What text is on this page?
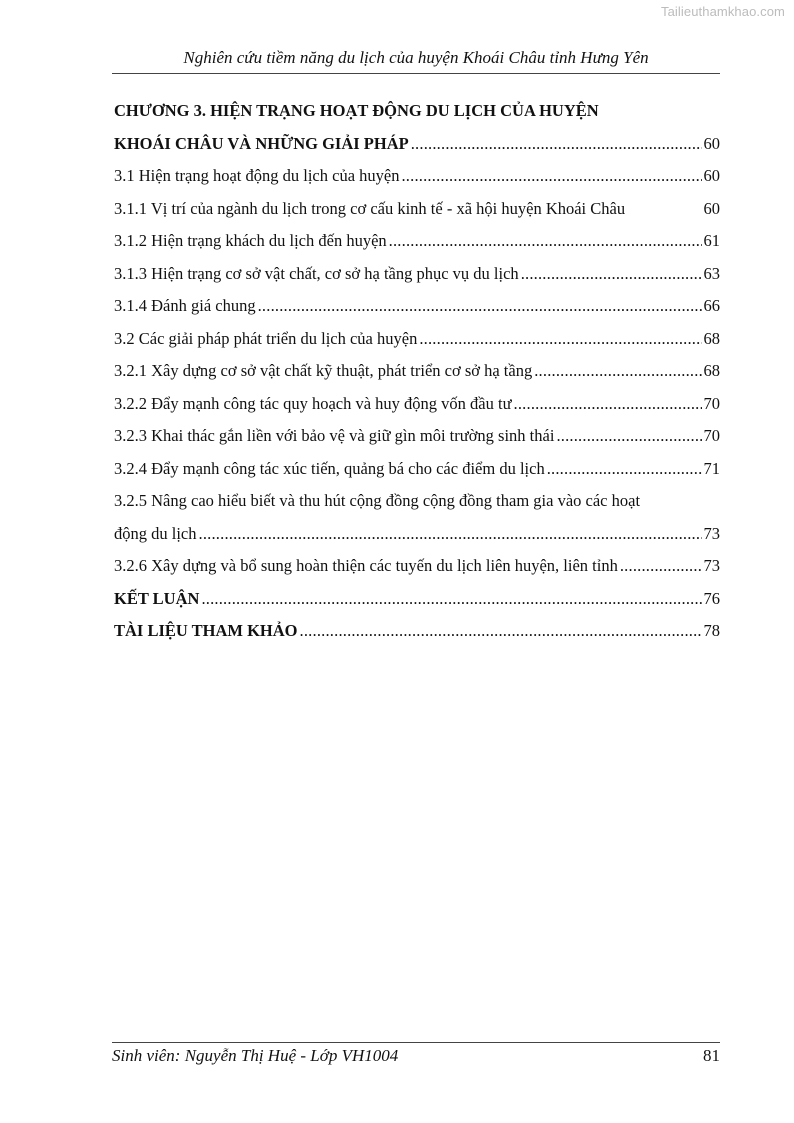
Tailieuthamkhao.com
Nghiên cứu tiềm năng du lịch của huyện Khoái Châu tỉnh Hưng Yên
CHƯƠNG 3. HIỆN TRẠNG HOẠT ĐỘNG DU LỊCH CỦA HUYỆN
KHOÁI CHÂU VÀ NHỮNG GIẢI PHÁP .....	60
3.1 Hiện trạng hoạt động du lịch của huyện .....	60
3.1.1 Vị trí của ngành du lịch trong cơ cấu kinh tế - xã hội huyện Khoái Châu	60
3.1.2 Hiện trạng khách du lịch đến huyện .....	61
3.1.3 Hiện trạng cơ sở vật chất, cơ sở hạ tầng phục vụ du lịch .....	63
3.1.4 Đánh giá chung .....	66
3.2 Các giải pháp phát triển du lịch của huyện .....	68
3.2.1 Xây dựng cơ sở vật chất kỹ thuật, phát triển cơ sở hạ tầng .....	68
3.2.2 Đẩy mạnh công tác quy hoạch và huy động vốn đầu tư .....	70
3.2.3 Khai thác gắn liền với bảo vệ và giữ gìn môi trường sinh thái .....	70
3.2.4 Đẩy mạnh công tác xúc tiến, quảng bá cho các điểm du lịch .....	71
3.2.5 Nâng cao hiểu biết và thu hút cộng đồng cộng đồng tham gia vào các hoạt
động du lịch .....	73
3.2.6 Xây dựng và bổ sung hoàn thiện các tuyến du lịch liên huyện, liên tỉnh .....	73
KẾT LUẬN .....	76
TÀI LIỆU THAM KHẢO .....	78
Sinh viên: Nguyễn Thị Huệ - Lớp VH1004	81
